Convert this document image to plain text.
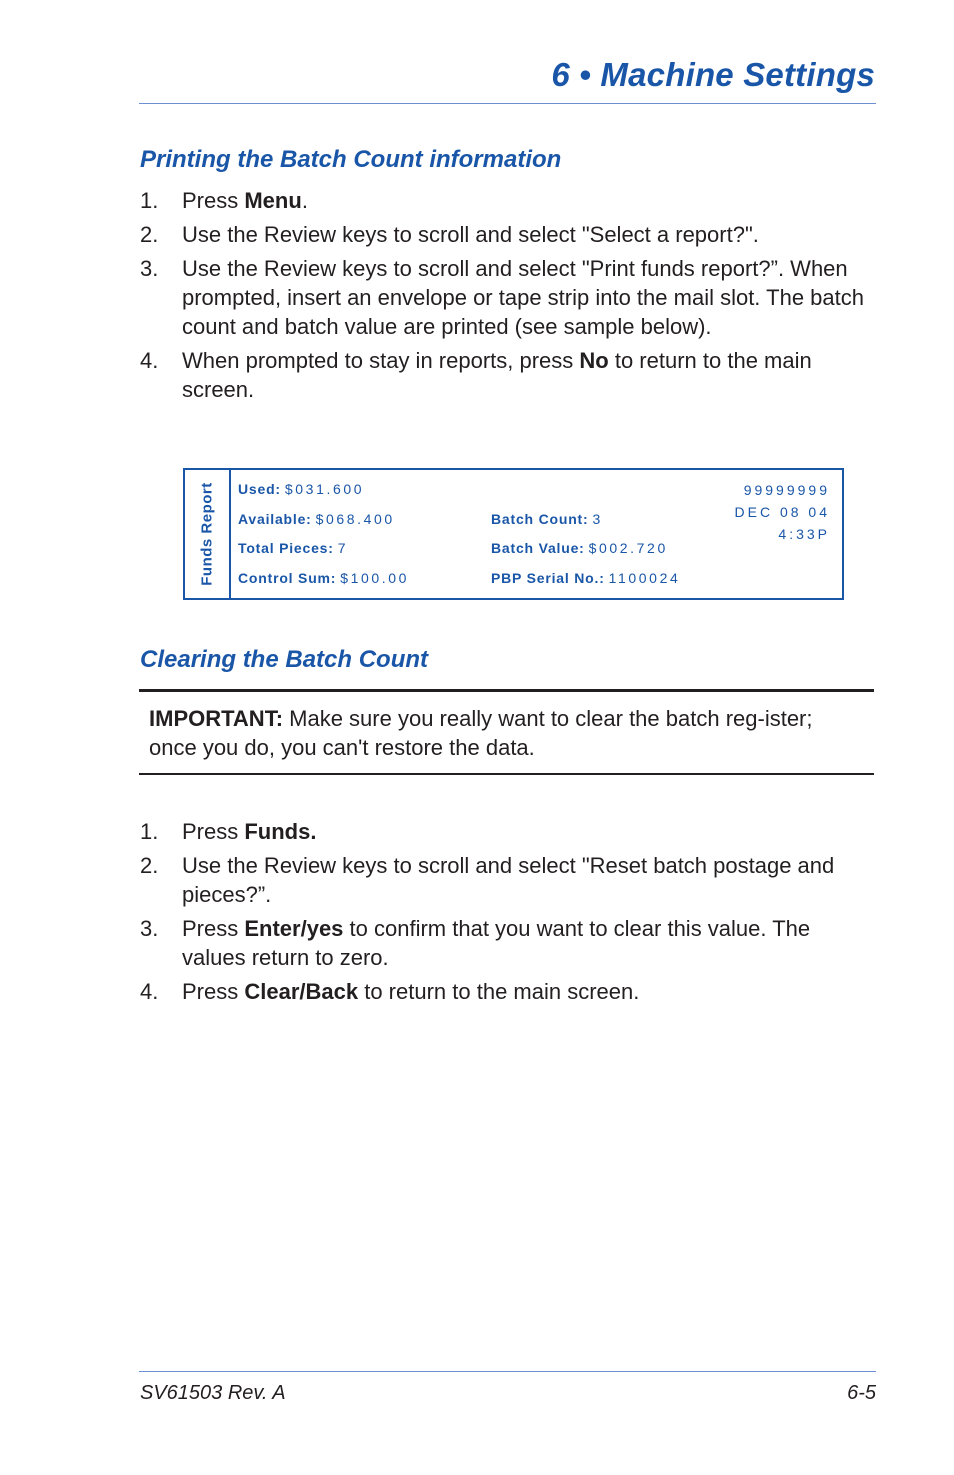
6 • Machine Settings
Printing the Batch Count information
1. Press Menu.
2. Use the Review keys to scroll and select "Select a report?".
3. Use the Review keys to scroll and select "Print funds report?”. When prompted, insert an envelope or tape strip into the mail slot. The batch count and batch value are printed (see sample below).
4. When prompted to stay in reports, press No to return to the main screen.
Funds Report Used: $031.600
Available: $068.400
Total Pieces: 7
Control Sum: $100.00
Batch Count: 3
Batch Value: $002.720
PBP Serial No.: 1100024
99999999
DEC 08 04
4:33P
Clearing the Batch Count

IMPORTANT: Make sure you really want to clear the batch reg-ister; once you do, you can't restore the data.

1. Press Funds.
2. Use the Review keys to scroll and select "Reset batch postage and pieces?”.
3. Press Enter/yes to confirm that you want to clear this value. The values return to zero.
4. Press Clear/Back to return to the main screen.
SV61503 Rev. A	6-5
